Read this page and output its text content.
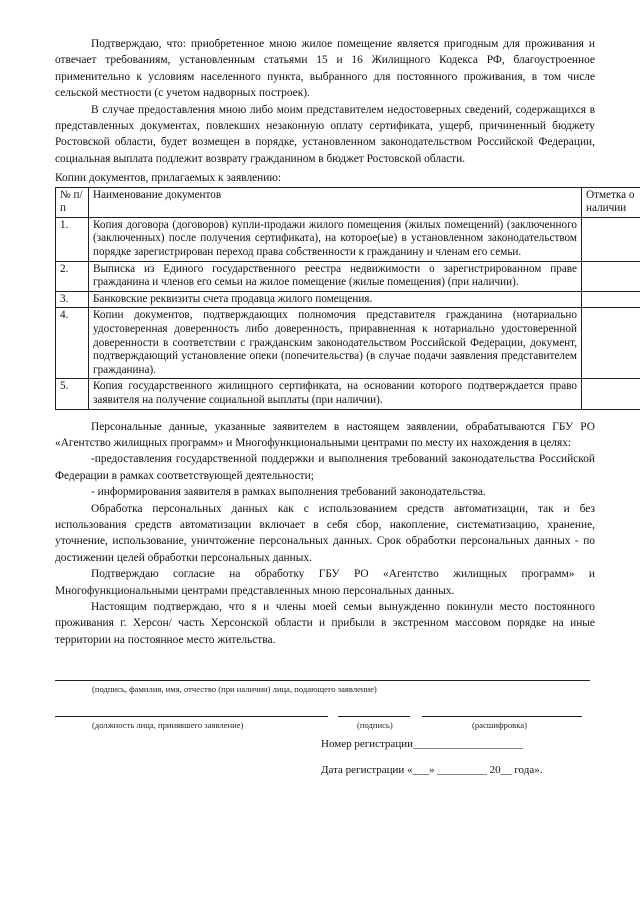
Подтверждаю, что: приобретенное мною жилое помещение является пригодным для проживания и отвечает требованиям, установленным статьями 15 и 16 Жилищного Кодекса РФ, благоустроенное применительно к условиям населенного пункта, выбранного для постоянного проживания, в том числе сельской местности (с учетом надворных построек).

В случае предоставления мною либо моим представителем недостоверных сведений, содержащихся в представленных документах, повлекших незаконную оплату сертификата, ущерб, причиненный бюджету Ростовской области, будет возмещен в порядке, установленном законодательством Российской Федерации, социальная выплата подлежит возврату гражданином в бюджет Ростовской области.

Копии документов, прилагаемых к заявлению:

№ п/п	Наименование документов	Отметка о наличии
1.	Копия договора (договоров) купли-продажи жилого помещения (жилых помещений) (заключенного (заключенных) после получения сертификата), на которое(ые) в установленном законодательством порядке зарегистрирован переход права собственности к гражданину и членам его семьи.	
2.	Выписка из Единого государственного реестра недвижимости о зарегистрированном праве гражданина и членов его семьи на жилое помещение (жилые помещения) (при наличии).	
3.	Банковские реквизиты счета продавца жилого помещения.	
4.	Копии документов, подтверждающих полномочия представителя гражданина (нотариально удостоверенная доверенность либо доверенность, приравненная к нотариально удостоверенной доверенности в соответствии с гражданским законодательством Российской Федерации, документ, подтверждающий установление опеки (попечительства) (в случае подачи заявления представителем гражданина).	
5.	Копия государственного жилищного сертификата, на основании которого подтверждается право заявителя на получение социальной выплаты (при наличии).	

Персональные данные, указанные заявителем в настоящем заявлении, обрабатываются ГБУ РО «Агентство жилищных программ» и Многофункциональными центрами по месту их нахождения в целях:

-предоставления государственной поддержки и выполнения требований законодательства Российской Федерации в рамках соответствующей деятельности;

- информирования заявителя в рамках выполнения требований законодательства.

Обработка персональных данных как с использованием средств автоматизации, так и без использования средств автоматизации включает в себя сбор, накопление, систематизацию, хранение, уточнение, использование, уничтожение персональных данных. Срок обработки персональных данных - по достижении целей обработки персональных данных.

Подтверждаю согласие на обработку ГБУ РО «Агентство жилищных программ» и Многофункциональными центрами представленных мною персональных данных.

Настоящим подтверждаю, что я и члены моей семьи вынужденно покинули место постоянного проживания г. Херсон/ часть Херсонской области и прибыли в экстренном массовом порядке на иные территории на постоянное место жительства.

(подпись, фамилия, имя, отчество (при наличии) лица, подающего заявление)
(должность лица, принявшего заявление)	(подпись)	(расшифровка)
Номер регистрации____________________
Дата регистрации «___» _________ 20__ года».
